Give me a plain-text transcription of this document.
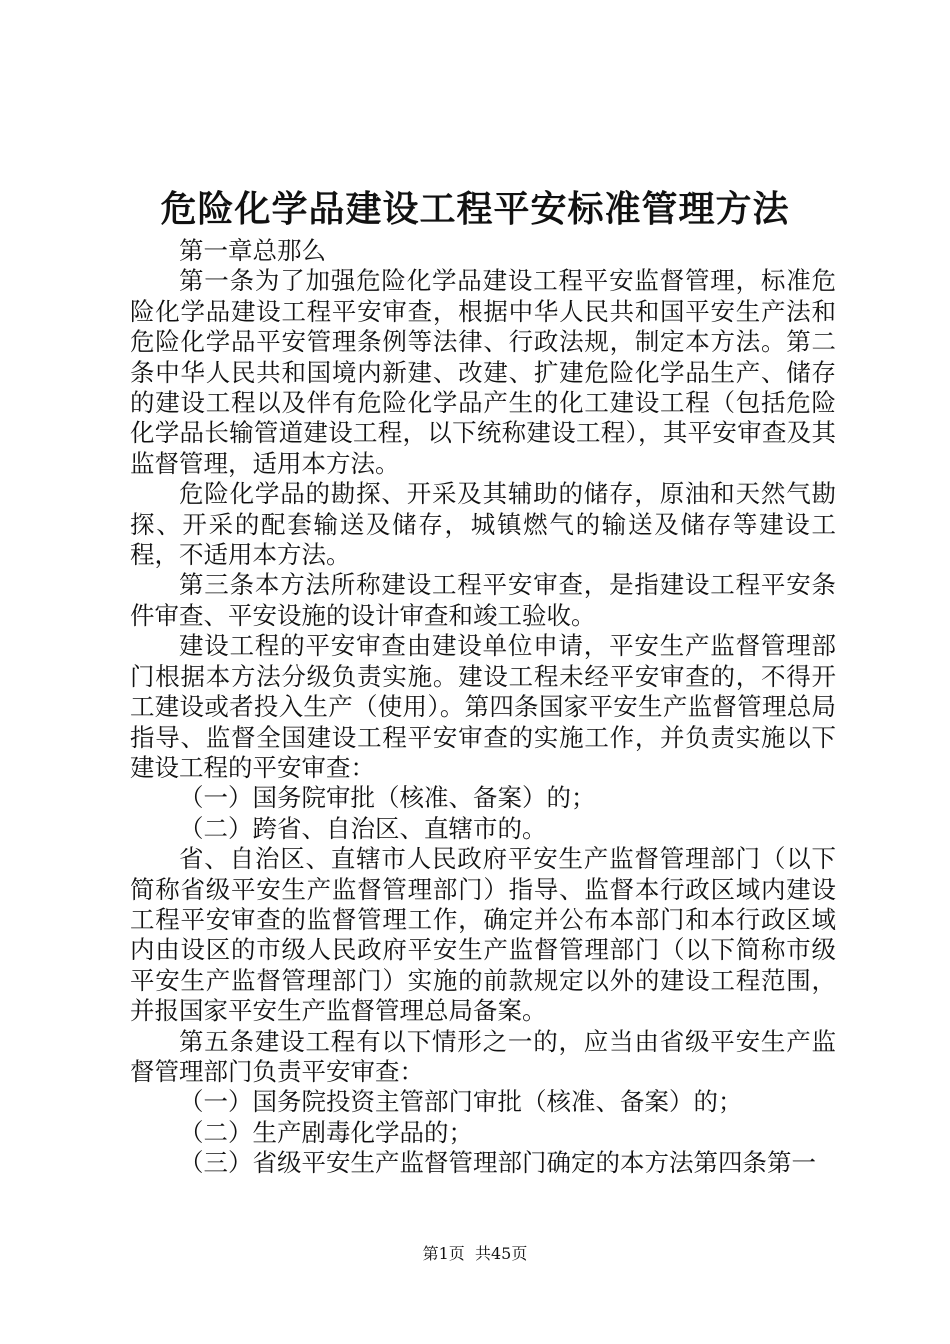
危险化学品建设工程平安标准管理方法

第一章总那么

第一条为了加强危险化学品建设工程平安监督管理，标准危险化学品建设工程平安审查，根据中华人民共和国平安生产法和危险化学品平安管理条例等法律、行政法规，制定本方法。第二条中华人民共和国境内新建、改建、扩建危险化学品生产、储存的建设工程以及伴有危险化学品产生的化工建设工程（包括危险化学品长输管道建设工程，以下统称建设工程），其平安审查及其监督管理，适用本方法。

危险化学品的勘探、开采及其辅助的储存，原油和天然气勘探、开采的配套输送及储存，城镇燃气的输送及储存等建设工程，不适用本方法。

第三条本方法所称建设工程平安审查，是指建设工程平安条件审查、平安设施的设计审查和竣工验收。

建设工程的平安审查由建设单位申请，平安生产监督管理部门根据本方法分级负责实施。建设工程未经平安审查的，不得开工建设或者投入生产（使用）。第四条国家平安生产监督管理总局指导、监督全国建设工程平安审查的实施工作，并负责实施以下建设工程的平安审查：

（一）国务院审批（核准、备案）的；

（二）跨省、自治区、直辖市的。

省、自治区、直辖市人民政府平安生产监督管理部门（以下简称省级平安生产监督管理部门）指导、监督本行政区域内建设工程平安审查的监督管理工作，确定并公布本部门和本行政区域内由设区的市级人民政府平安生产监督管理部门（以下简称市级平安生产监督管理部门）实施的前款规定以外的建设工程范围，并报国家平安生产监督管理总局备案。

第五条建设工程有以下情形之一的，应当由省级平安生产监督管理部门负责平安审查：

（一）国务院投资主管部门审批（核准、备案）的；

（二）生产剧毒化学品的；

（三）省级平安生产监督管理部门确定的本方法第四条第一

第1页 共45页
